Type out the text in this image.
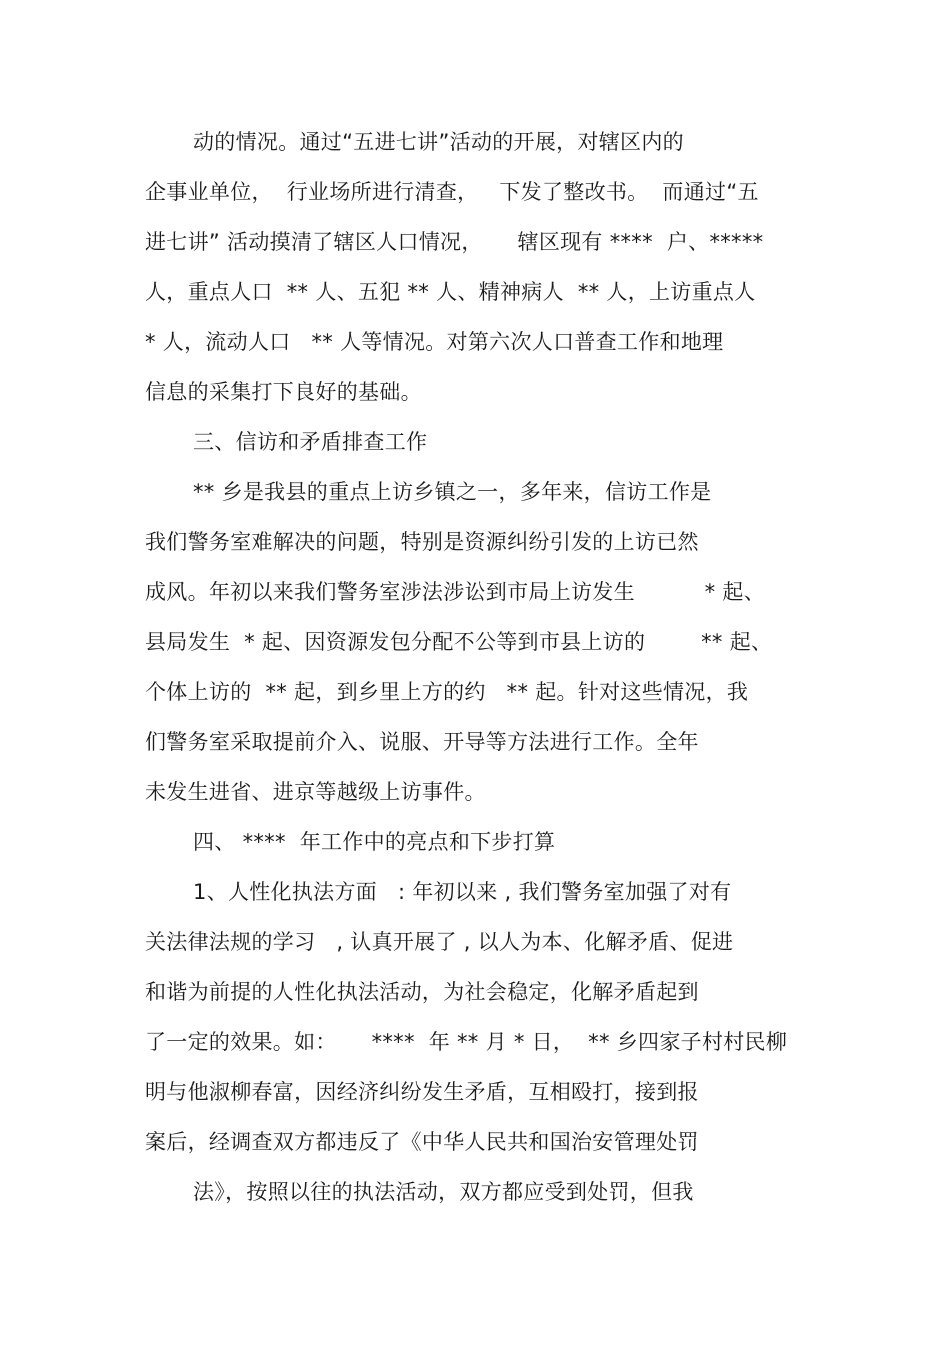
动的情况。通过“五进七讲”活动的开展，对辖区内的
企事业单位，  行业场所进行清查，   下发了整改书。  而通过“五
进七讲” 活动摸清了辖区人口情况，     辖区现有 ****  户、*****
人，重点人口  ** 人、五犯 ** 人、精神病人  ** 人，上访重点人
* 人，流动人口   ** 人等情况。对第六次人口普查工作和地理
信息的采集打下良好的基础。
三、信访和矛盾排查工作
** 乡是我县的重点上访乡镇之一，多年来，信访工作是
我们警务室难解决的问题，特别是资源纠纷引发的上访已然
成风。年初以来我们警务室涉法涉讼到市局上访发生          * 起、
县局发生  * 起、因资源发包分配不公等到市县上访的        ** 起、
个体上访的  ** 起，到乡里上方的约   ** 起。针对这些情况，我
们警务室采取提前介入、说服、开导等方法进行工作。全年
未发生进省、进京等越级上访事件。
四、 ****  年工作中的亮点和下步打算
1、人性化执法方面   : 年初以来 , 我们警务室加强了对有
关法律法规的学习   , 认真开展了 , 以人为本、化解矛盾、促进
和谐为前提的人性化执法活动，为社会稳定，化解矛盾起到
了一定的效果。如：     ****  年 ** 月 * 日，  ** 乡四家子村村民柳
明与他淑柳春富，因经济纠纷发生矛盾，互相殴打，接到报
案后，经调查双方都违反了《中华人民共和国治安管理处罚
法》，按照以往的执法活动，双方都应受到处罚，但我
